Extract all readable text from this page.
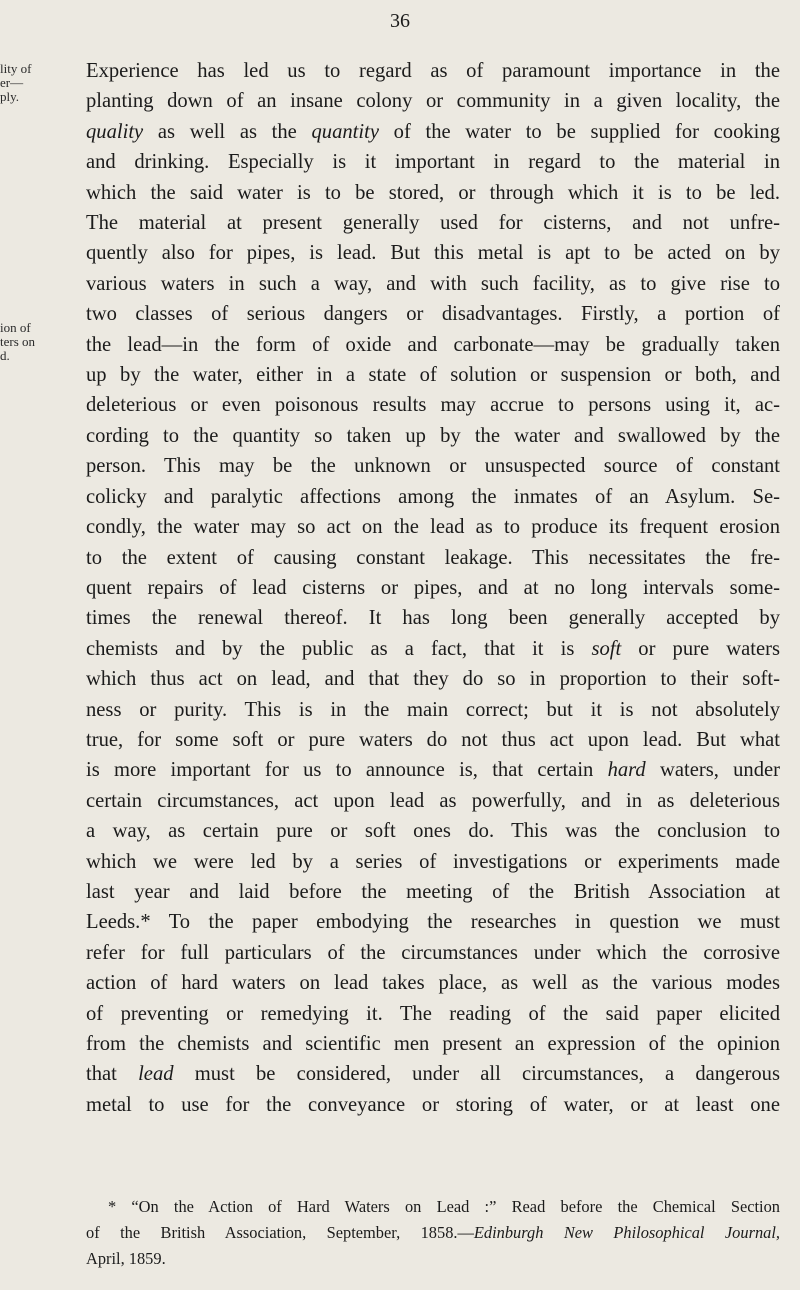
36
lity of
er—
ply.
ion of
ters on
d.
Experience has led us to regard as of paramount importance in the
planting down of an insane colony or community in a given locality, the
quality as well as the quantity of the water to be supplied for cooking
and drinking. Especially is it important in regard to the material in
which the said water is to be stored, or through which it is to be led.
The material at present generally used for cisterns, and not unfre-
quently also for pipes, is lead. But this metal is apt to be acted on by
various waters in such a way, and with such facility, as to give rise to
two classes of serious dangers or disadvantages. Firstly, a portion of
the lead—in the form of oxide and carbonate—may be gradually taken
up by the water, either in a state of solution or suspension or both, and
deleterious or even poisonous results may accrue to persons using it, ac-
cording to the quantity so taken up by the water and swallowed by the
person. This may be the unknown or unsuspected source of constant
colicky and paralytic affections among the inmates of an Asylum. Se-
condly, the water may so act on the lead as to produce its frequent erosion
to the extent of causing constant leakage. This necessitates the fre-
quent repairs of lead cisterns or pipes, and at no long intervals some-
times the renewal thereof. It has long been generally accepted by
chemists and by the public as a fact, that it is soft or pure waters
which thus act on lead, and that they do so in proportion to their soft-
ness or purity. This is in the main correct; but it is not absolutely
true, for some soft or pure waters do not thus act upon lead. But what
is more important for us to announce is, that certain hard waters, under
certain circumstances, act upon lead as powerfully, and in as deleterious
a way, as certain pure or soft ones do. This was the conclusion to
which we were led by a series of investigations or experiments made
last year and laid before the meeting of the British Association at
Leeds.* To the paper embodying the researches in question we must
refer for full particulars of the circumstances under which the corrosive
action of hard waters on lead takes place, as well as the various modes
of preventing or remedying it. The reading of the said paper elicited
from the chemists and scientific men present an expression of the opinion
that lead must be considered, under all circumstances, a dangerous
metal to use for the conveyance or storing of water, or at least one
* “On the Action of Hard Waters on Lead :” Read before the Chemical Section
of the British Association, September, 1858.—Edinburgh New Philosophical Journal,
April, 1859.
